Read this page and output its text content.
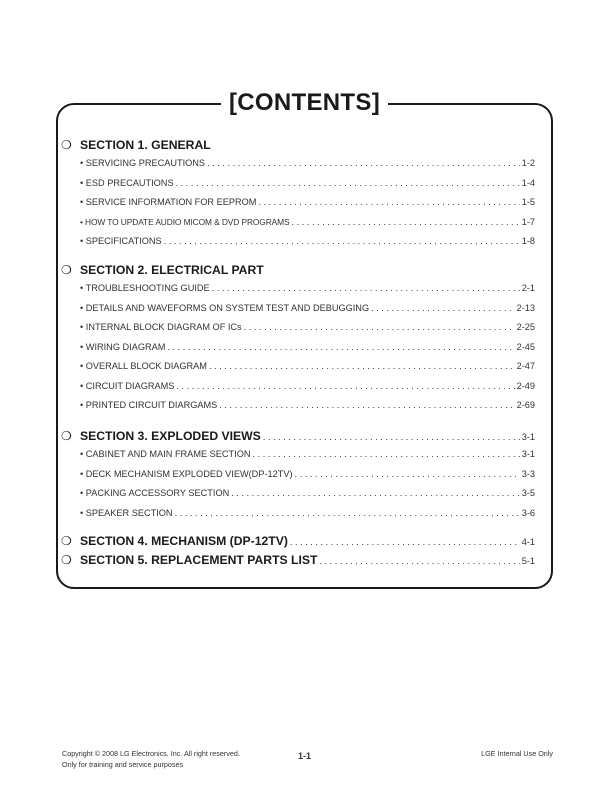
[CONTENTS]
❍ SECTION 1. GENERAL
• SERVICING PRECAUTIONS . . .	1-2
• ESD PRECAUTIONS . . .	1-4
• SERVICE INFORMATION FOR EEPROM . . .	1-5
• HOW TO UPDATE AUDIO MICOM & DVD PROGRAMS . . .	1-7
• SPECIFICATIONS . . .	1-8
❍ SECTION 2. ELECTRICAL PART
• TROUBLESHOOTING GUIDE . . .	2-1
• DETAILS AND WAVEFORMS ON SYSTEM TEST AND DEBUGGING . . .	2-13
• INTERNAL BLOCK DIAGRAM OF ICs . . .	2-25
• WIRING DIAGRAM . . .	2-45
• OVERALL BLOCK DIAGRAM . . .	2-47
• CIRCUIT DIAGRAMS . . .	2-49
• PRINTED CIRCUIT DIARGAMS . . .	2-69
❍ SECTION 3. EXPLODED VIEWS . . .	3-1
• CABINET AND MAIN FRAME SECTION . . .	3-1
• DECK MECHANISM EXPLODED VIEW(DP-12TV) . . .	3-3
• PACKING ACCESSORY SECTION . . .	3-5
• SPEAKER SECTION . . .	3-6
❍ SECTION 4. MECHANISM (DP-12TV) . . .	4-1
❍ SECTION 5. REPLACEMENT PARTS LIST . . .	5-1
Copyright © 2008 LG Electronics. Inc. All right reserved.
Only for training and service purposes
1-1	LGE Internal Use Only
